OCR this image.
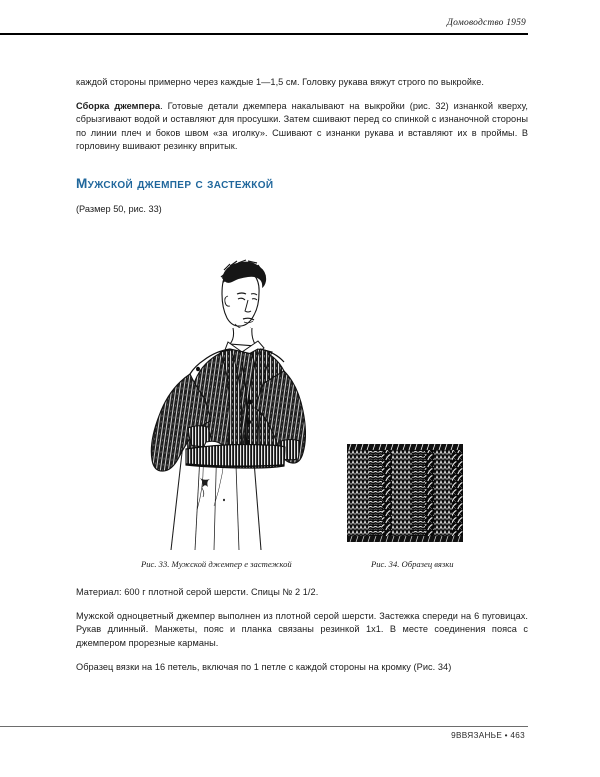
Домоводство 1959

каждой стороны примерно через каждые 1—1,5 см. Головку рукава вяжут строго по выкройке.

Сборка джемпера. Готовые детали джемпера накалывают на выкройки (рис. 32) изнанкой кверху, сбрызгивают водой и оставляют для просушки. Затем сшивают перед со спинкой с изнаночной стороны по линии плеч и боков швом «за иголку». Сшивают с изнанки рукава и вставляют их в проймы. В горловину вшивают резинку впритык.

Мужской джемпер с застежкой
(Размер 50, рис. 33)
Рис. 33. Мужской джемпер е застежкой	Рис. 34. Образец вязки

Материал: 600 г плотной серой шерсти. Спицы № 2 1/2.

Мужской одноцветный джемпер выполнен из плотной серой шерсти. Застежка спереди на 6 пуговицах. Рукав длинный. Манжеты, пояс и планка связаны резинкой 1х1. В месте соединения пояса с джемпером прорезные карманы.

Образец вязки на 16 петель, включая по 1 петле с каждой стороны на кромку (Рис. 34)

9ВВЯЗАНЬЕ • 463
